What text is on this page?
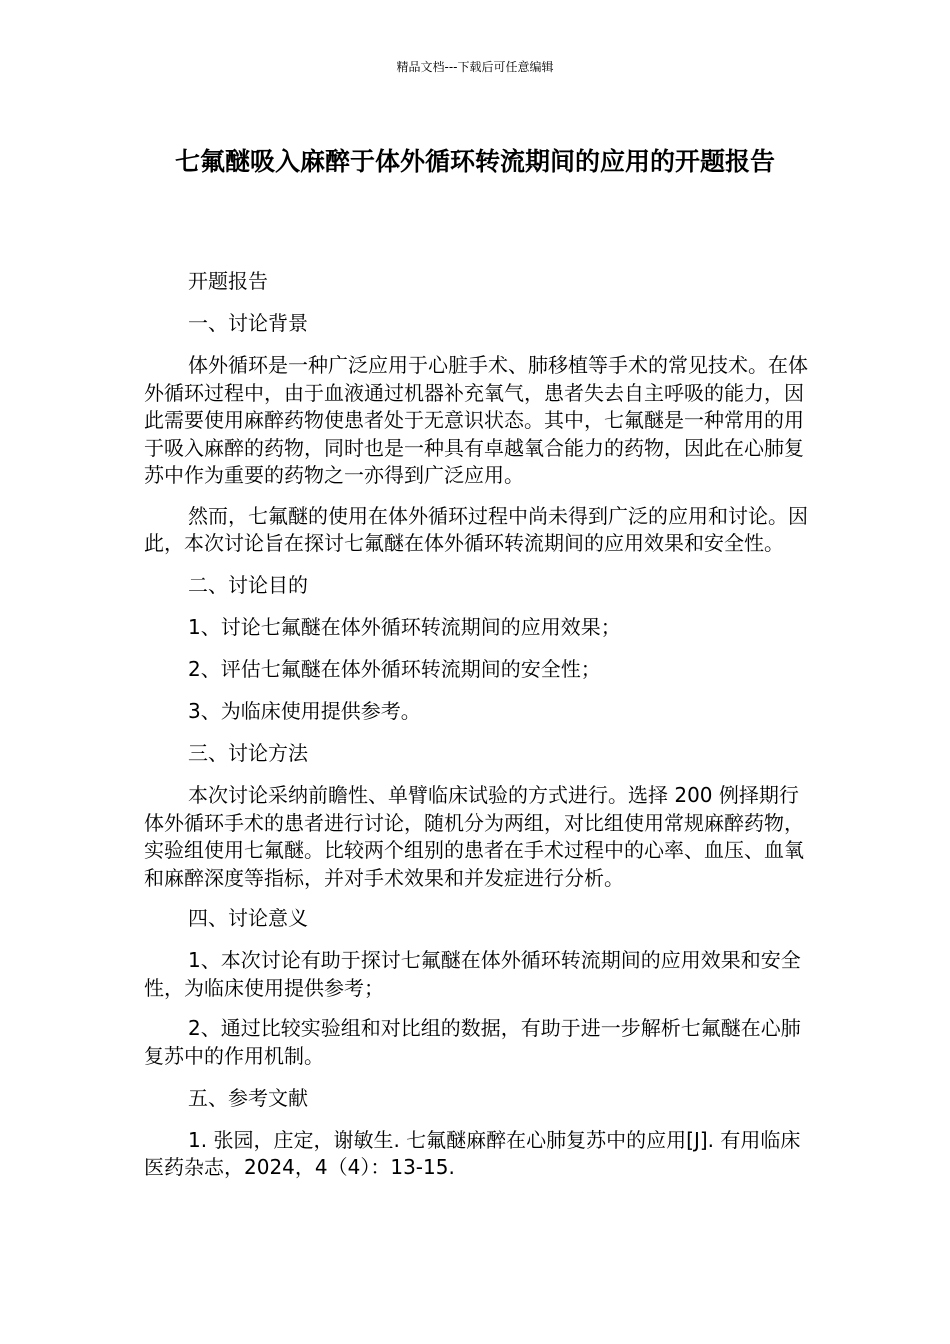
精品文档---下载后可任意编辑
七氟醚吸入麻醉于体外循环转流期间的应用的开题报告

开题报告

一、讨论背景

体外循环是一种广泛应用于心脏手术、肺移植等手术的常见技术。在体外循环过程中，由于血液通过机器补充氧气，患者失去自主呼吸的能力，因此需要使用麻醉药物使患者处于无意识状态。其中，七氟醚是一种常用的用于吸入麻醉的药物，同时也是一种具有卓越氧合能力的药物，因此在心肺复苏中作为重要的药物之一亦得到广泛应用。

然而，七氟醚的使用在体外循环过程中尚未得到广泛的应用和讨论。因此，本次讨论旨在探讨七氟醚在体外循环转流期间的应用效果和安全性。

二、讨论目的

1、讨论七氟醚在体外循环转流期间的应用效果；

2、评估七氟醚在体外循环转流期间的安全性；

3、为临床使用提供参考。

三、讨论方法

本次讨论采纳前瞻性、单臂临床试验的方式进行。选择 200 例择期行体外循环手术的患者进行讨论，随机分为两组，对比组使用常规麻醉药物，实验组使用七氟醚。比较两个组别的患者在手术过程中的心率、血压、血氧和麻醉深度等指标，并对手术效果和并发症进行分析。

四、讨论意义

1、本次讨论有助于探讨七氟醚在体外循环转流期间的应用效果和安全性，为临床使用提供参考；

2、通过比较实验组和对比组的数据，有助于进一步解析七氟醚在心肺复苏中的作用机制。

五、参考文献

1. 张园，庄定，谢敏生. 七氟醚麻醉在心肺复苏中的应用[J]. 有用临床医药杂志，2024，4（4）：13-15.
